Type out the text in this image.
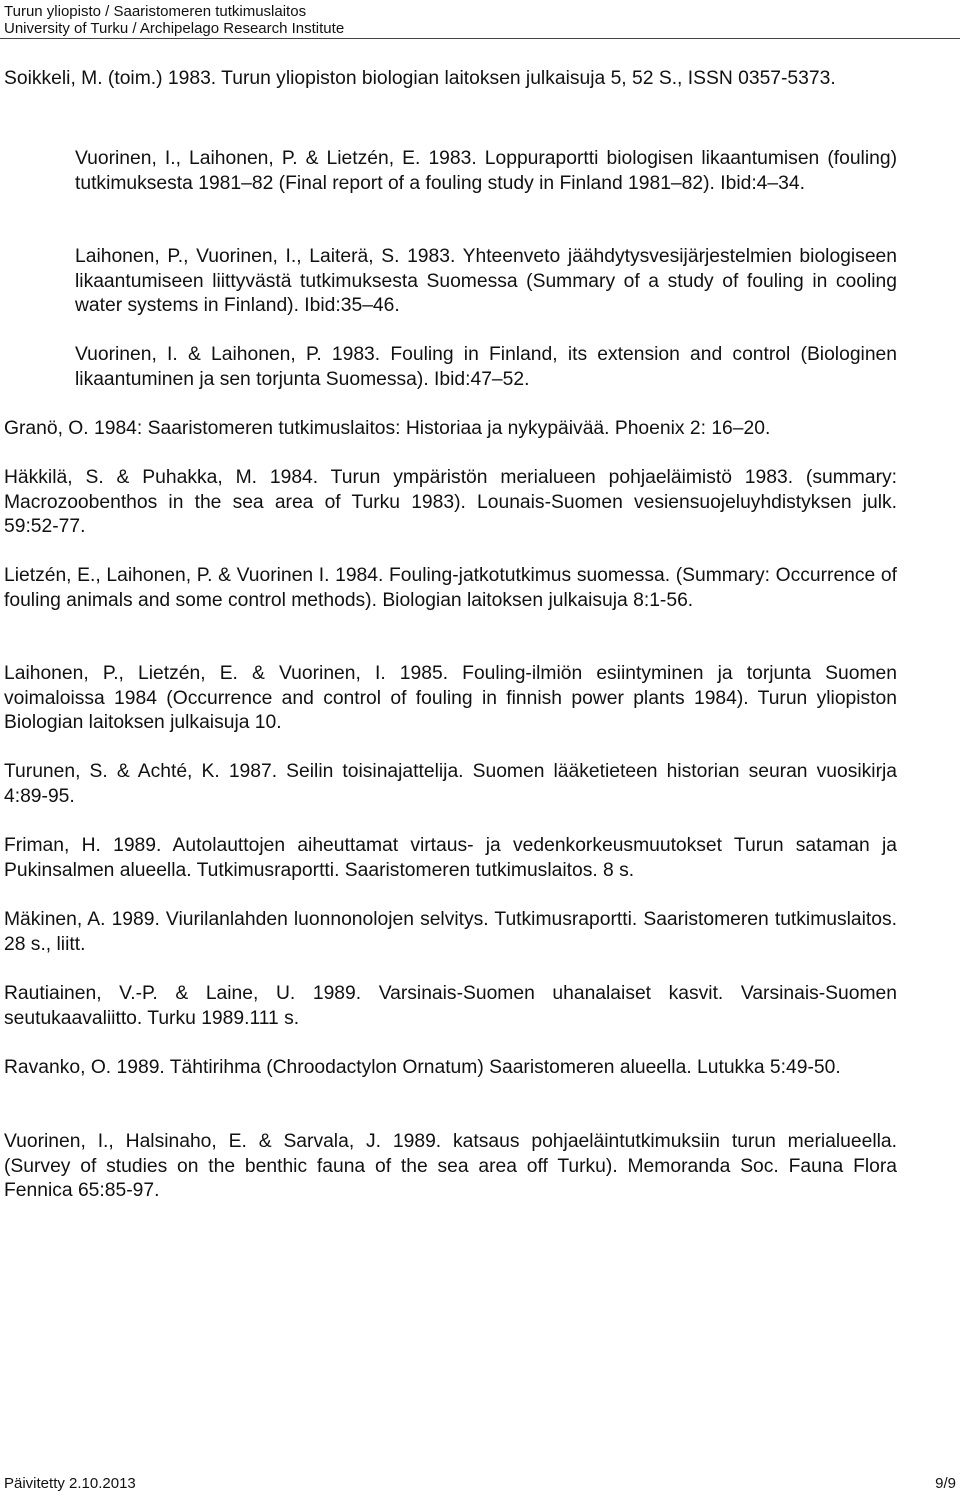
Turun yliopisto / Saaristomeren tutkimuslaitos
University of Turku / Archipelago Research Institute
Soikkeli, M. (toim.) 1983. Turun yliopiston biologian laitoksen julkaisuja 5, 52 S., ISSN 0357-5373.
Vuorinen, I., Laihonen, P. & Lietzén, E. 1983. Loppuraportti biologisen likaantumisen (fouling) tutkimuksesta 1981–82 (Final report of a fouling study in Finland 1981–82). Ibid:4–34.
Laihonen, P., Vuorinen, I., Laiterä, S. 1983. Yhteenveto jäähdytysvesijärjestelmien biologiseen likaantumiseen liittyvästä tutkimuksesta Suomessa (Summary of a study of fouling in cooling water systems in Finland). Ibid:35–46.
Vuorinen, I. & Laihonen, P. 1983. Fouling in Finland, its extension and control (Biologinen likaantuminen ja sen torjunta Suomessa). Ibid:47–52.
Granö, O. 1984: Saaristomeren tutkimuslaitos: Historiaa ja nykypäivää. Phoenix 2: 16–20.
Häkkilä, S. & Puhakka, M. 1984. Turun ympäristön merialueen pohjaeläimistö 1983. (summary: Macrozoobenthos in the sea area of Turku 1983). Lounais-Suomen vesiensuojeluyhdistyksen julk. 59:52-77.
Lietzén, E., Laihonen, P. & Vuorinen I. 1984. Fouling-jatkotutkimus suomessa. (Summary: Occurrence of fouling animals and some control methods). Biologian laitoksen julkaisuja 8:1-56.
Laihonen, P., Lietzén, E. & Vuorinen, I. 1985. Fouling-ilmiön esiintyminen ja torjunta Suomen voimaloissa 1984 (Occurrence and control of fouling in finnish power plants 1984). Turun yliopiston Biologian laitoksen julkaisuja 10.
Turunen, S. & Achté, K. 1987. Seilin toisinajattelija. Suomen lääketieteen historian seuran vuosikirja 4:89-95.
Friman, H. 1989. Autolauttojen aiheuttamat virtaus- ja vedenkorkeusmuutokset Turun sataman ja Pukinsalmen alueella. Tutkimusraportti. Saaristomeren tutkimuslaitos. 8 s.
Mäkinen, A. 1989. Viurilanlahden luonnonolojen selvitys. Tutkimusraportti. Saaristomeren tutkimuslaitos. 28 s., liitt.
Rautiainen, V.-P. & Laine, U. 1989. Varsinais-Suomen uhanalaiset kasvit. Varsinais-Suomen seutukaavaliitto. Turku 1989.111 s.
Ravanko, O. 1989. Tähtirihma (Chroodactylon Ornatum) Saaristomeren alueella. Lutukka 5:49-50.
Vuorinen, I., Halsinaho, E. & Sarvala, J. 1989. katsaus pohjaeläintutkimuksiin turun merialueella. (Survey of studies on the benthic fauna of the sea area off Turku). Memoranda Soc. Fauna Flora Fennica 65:85-97.
Päivitetty 2.10.2013	9/9
